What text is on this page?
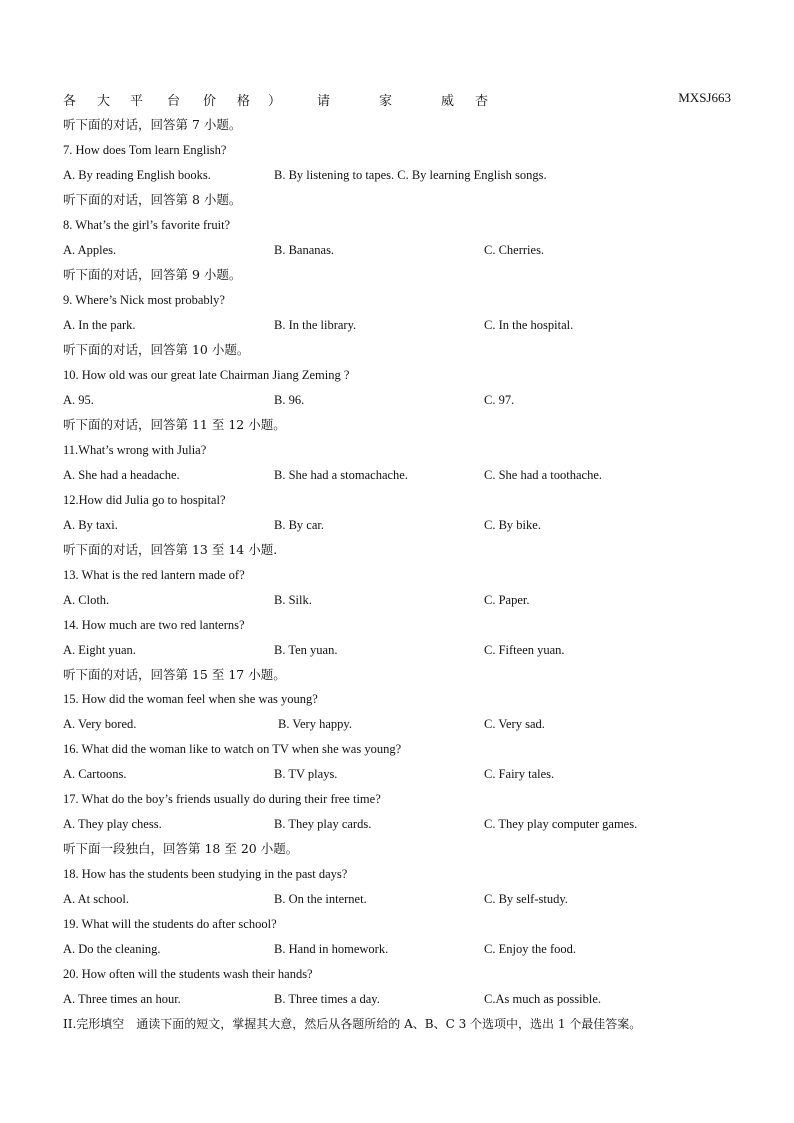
各 大 平 台 价 格 ）	请	家	威 杏	MXSJ663
听下面的对话，回答第 7 小题。
7. How does Tom learn English?
A. By reading English books.	B. By listening to tapes. C. By learning English songs.
听下面的对话，回答第 8 小题。
8. What’s the girl’s favorite fruit?
A. Apples.	B. Bananas.	C. Cherries.
听下面的对话，回答第 9 小题。
9. Where’s Nick most probably?
A. In the park.	B. In the library.	C. In the hospital.
听下面的对话，回答第 10 小题。
10. How old was our great late Chairman Jiang Zeming ?
A. 95.	B. 96.	C. 97.
听下面的对话，回答第 11 至 12 小题。
11.What’s wrong with Julia?
A. She had a headache.	B. She had a stomachache.	C. She had a toothache.
12.How did Julia go to hospital?
A. By taxi.	B. By car.	C. By bike.
听下面的对话，回答第 13 至 14 小题.
13. What is the red lantern made of?
A. Cloth.	B. Silk.	C. Paper.
14. How much are two red lanterns?
A. Eight yuan.	B. Ten yuan.	C. Fifteen yuan.
听下面的对话，回答第 15 至 17 小题。
15. How did the woman feel when she was young?
A. Very bored.	B. Very happy.	C. Very sad.
16. What did the woman like to watch on TV when she was young?
A. Cartoons.	B. TV plays.	C. Fairy tales.
17. What do the boy’s friends usually do during their free time?
A. They play chess.	B. They play cards.	C. They play computer games.
听下面一段独白，回答第 18 至 20 小题。
18. How has the students been studying in the past days?
A. At school.	B. On the internet.	C. By self-study.
19. What will the students do after school?
A. Do the cleaning.	B. Hand in homework.	C. Enjoy the food.
20. How often will the students wash their hands?
A. Three times an hour.	B. Three times a day.	C.As much as possible.
II.完形填空　通读下面的短文，掌握其大意，然后从各题所给的 A、B、C 3 个选项中，选出 1 个最佳答案。
